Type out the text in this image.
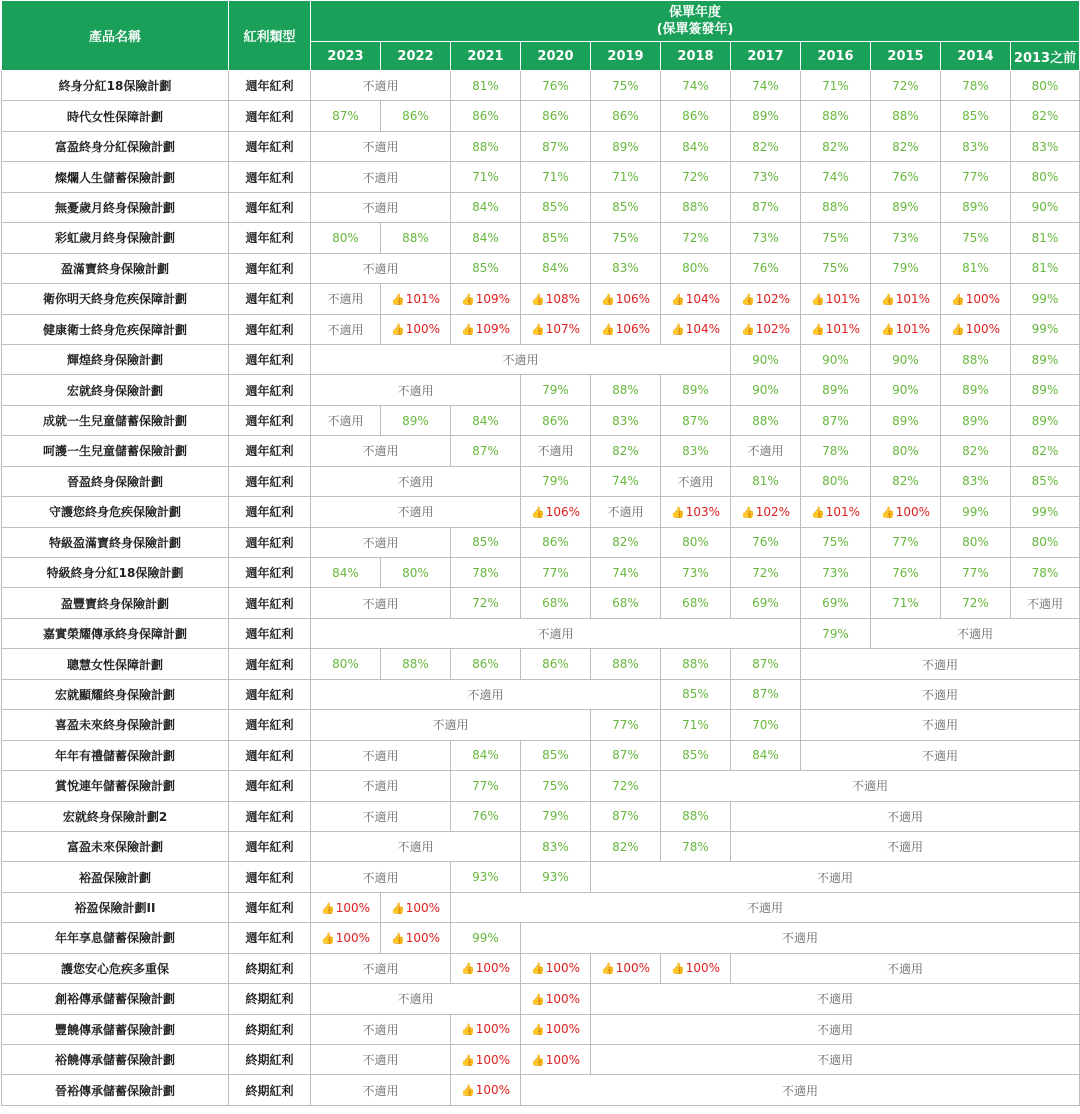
產品名稱	紅利類型	保單年度
(保單簽發年)										

		2023	2022	2021	2020	2019	2018	2017	2016	2015	2014	2013之前
終身分紅18保險計劃	週年紅利	不適用		81%	76%	75%	74%	74%	71%	72%	78%	80%
時代女性保障計劃	週年紅利	87%	86%	86%	86%	86%	86%	89%	88%	88%	85%	82%
富盈終身分紅保險計劃	週年紅利	不適用		88%	87%	89%	84%	82%	82%	82%	83%	83%
燦爛人生儲蓄保險計劃	週年紅利	不適用		71%	71%	71%	72%	73%	74%	76%	77%	80%
無憂歲月終身保險計劃	週年紅利	不適用		84%	85%	85%	88%	87%	88%	89%	89%	90%
彩虹歲月終身保險計劃	週年紅利	80%	88%	84%	85%	75%	72%	73%	75%	73%	75%	81%
盈滿寶終身保險計劃	週年紅利	不適用		85%	84%	83%	80%	76%	75%	79%	81%	81%
衛你明天終身危疾保障計劃	週年紅利	不適用	👍101%	👍109%	👍108%	👍106%	👍104%	👍102%	👍101%	👍101%	👍100%	99%
健康衛士終身危疾保障計劃	週年紅利	不適用	👍100%	👍109%	👍107%	👍106%	👍104%	👍102%	👍101%	👍101%	👍100%	99%
輝煌終身保險計劃	週年紅利	不適用						90%	90%	90%	88%	89%
宏就終身保險計劃	週年紅利	不適用			79%	88%	89%	90%	89%	90%	89%	89%
成就一生兒童儲蓄保險計劃	週年紅利	不適用	89%	84%	86%	83%	87%	88%	87%	89%	89%	89%
呵護一生兒童儲蓄保險計劃	週年紅利	不適用		87%	不適用	82%	83%	不適用	78%	80%	82%	82%
晉盈終身保險計劃	週年紅利	不適用			79%	74%	不適用	81%	80%	82%	83%	85%
守護您終身危疾保險計劃	週年紅利	不適用			👍106%	不適用	👍103%	👍102%	👍101%	👍100%	99%	99%
特級盈滿寶終身保險計劃	週年紅利	不適用		85%	86%	82%	80%	76%	75%	77%	80%	80%
特級終身分紅18保險計劃	週年紅利	84%	80%	78%	77%	74%	73%	72%	73%	76%	77%	78%
盈豐寶終身保險計劃	週年紅利	不適用		72%	68%	68%	68%	69%	69%	71%	72%	不適用
嘉實榮耀傳承終身保障計劃	週年紅利	不適用							79%	不適用		
聰慧女性保障計劃	週年紅利	80%	88%	86%	86%	88%	88%	87%	不適用			
宏就顯耀終身保險計劃	週年紅利	不適用					85%	87%	不適用			
喜盈未來終身保險計劃	週年紅利	不適用				77%	71%	70%	不適用			
年年有禮儲蓄保險計劃	週年紅利	不適用		84%	85%	87%	85%	84%	不適用			
賞悅連年儲蓄保險計劃	週年紅利	不適用		77%	75%	72%	不適用					
宏就終身保險計劃2	週年紅利	不適用		76%	79%	87%	88%	不適用				
富盈未來保險計劃	週年紅利	不適用			83%	82%	78%	不適用				
裕盈保險計劃	週年紅利	不適用		93%	93%	不適用						
裕盈保險計劃II	週年紅利	👍100%	👍100%	不適用								
年年享息儲蓄保險計劃	週年紅利	👍100%	👍100%	99%	不適用							
護您安心危疾多重保	終期紅利	不適用		👍100%	👍100%	👍100%	👍100%	不適用				
創裕傳承儲蓄保險計劃	終期紅利	不適用			👍100%	不適用						
豐饒傳承儲蓄保險計劃	終期紅利	不適用		👍100%	👍100%	不適用						
裕饒傳承儲蓄保險計劃	終期紅利	不適用		👍100%	👍100%	不適用						
晉裕傳承儲蓄保險計劃	終期紅利	不適用		👍100%	不適用							
